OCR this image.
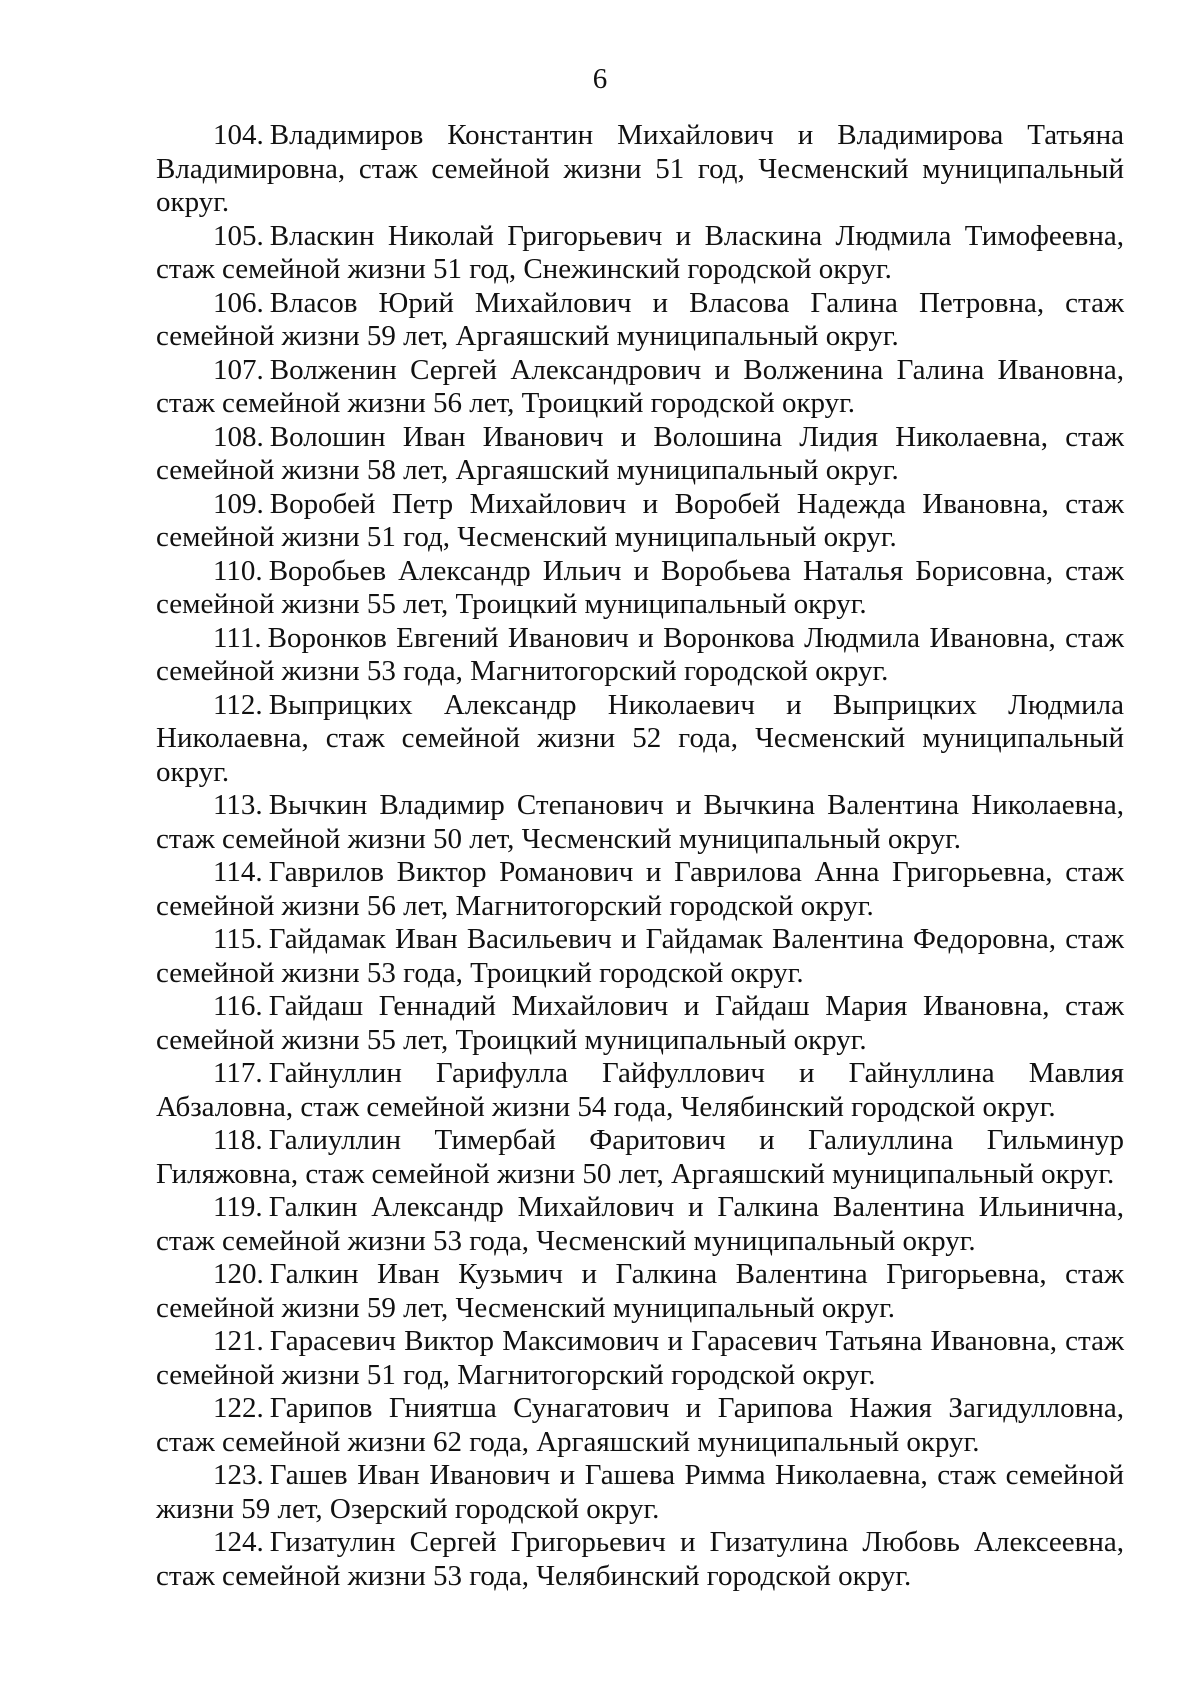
6
104. Владимиров Константин Михайлович и Владимирова Татьяна Владимировна, стаж семейной жизни 51 год, Чесменский муниципальный округ.
105. Власкин Николай Григорьевич и Власкина Людмила Тимофеевна, стаж семейной жизни 51 год, Снежинский городской округ.
106. Власов Юрий Михайлович и Власова Галина Петровна, стаж семейной жизни 59 лет, Аргаяшский муниципальный округ.
107. Волженин Сергей Александрович и Волженина Галина Ивановна, стаж семейной жизни 56 лет, Троицкий городской округ.
108. Волошин Иван Иванович и Волошина Лидия Николаевна, стаж семейной жизни 58 лет, Аргаяшский муниципальный округ.
109. Воробей Петр Михайлович и Воробей Надежда Ивановна, стаж семейной жизни 51 год, Чесменский муниципальный округ.
110. Воробьев Александр Ильич и Воробьева Наталья Борисовна, стаж семейной жизни 55 лет, Троицкий муниципальный округ.
111. Воронков Евгений Иванович и Воронкова Людмила Ивановна, стаж семейной жизни 53 года, Магнитогорский городской округ.
112. Выприцких Александр Николаевич и Выприцких Людмила Николаевна, стаж семейной жизни 52 года, Чесменский муниципальный округ.
113. Вычкин Владимир Степанович и Вычкина Валентина Николаевна, стаж семейной жизни 50 лет, Чесменский муниципальный округ.
114. Гаврилов Виктор Романович и Гаврилова Анна Григорьевна, стаж семейной жизни 56 лет, Магнитогорский городской округ.
115. Гайдамак Иван Васильевич и Гайдамак Валентина Федоровна, стаж семейной жизни 53 года, Троицкий городской округ.
116. Гайдаш Геннадий Михайлович и Гайдаш Мария Ивановна, стаж семейной жизни 55 лет, Троицкий муниципальный округ.
117. Гайнуллин Гарифулла Гайфуллович и Гайнуллина Мавлия Абзаловна, стаж семейной жизни 54 года, Челябинский городской округ.
118. Галиуллин Тимербай Фаритович и Галиуллина Гильминур Гиляжовна, стаж семейной жизни 50 лет, Аргаяшский муниципальный округ.
119. Галкин Александр Михайлович и Галкина Валентина Ильинична, стаж семейной жизни 53 года, Чесменский муниципальный округ.
120. Галкин Иван Кузьмич и Галкина Валентина Григорьевна, стаж семейной жизни 59 лет, Чесменский муниципальный округ.
121. Гарасевич Виктор Максимович и Гарасевич Татьяна Ивановна, стаж семейной жизни 51 год, Магнитогорский городской округ.
122. Гарипов Гниятша Сунагатович и Гарипова Нажия Загидулловна, стаж семейной жизни 62 года, Аргаяшский муниципальный округ.
123. Гашев Иван Иванович и Гашева Римма Николаевна, стаж семейной жизни 59 лет, Озерский городской округ.
124. Гизатулин Сергей Григорьевич и Гизатулина Любовь Алексеевна, стаж семейной жизни 53 года, Челябинский городской округ.
